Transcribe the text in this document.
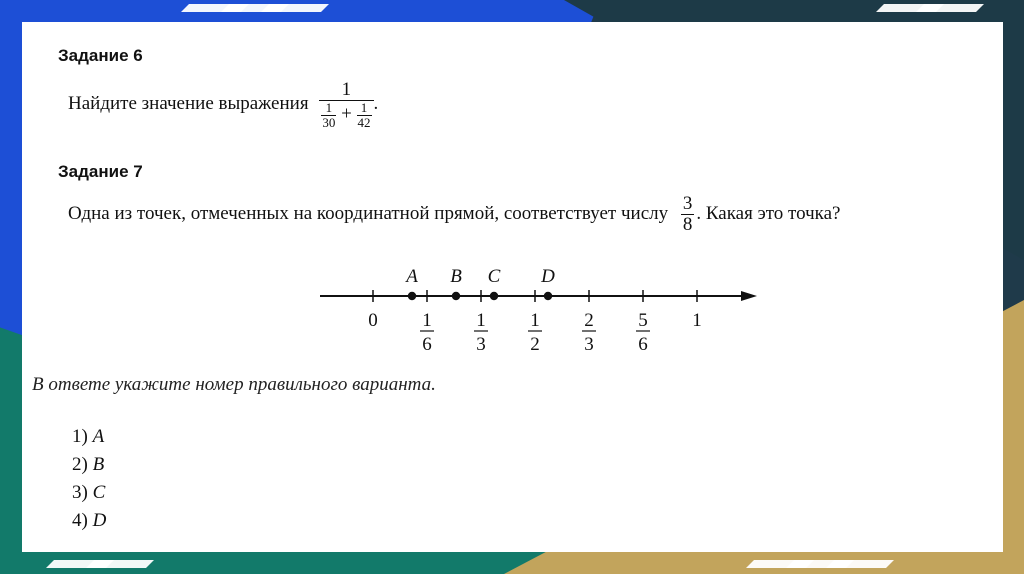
Задание 6
Найдите значение выражения
1
$\frac{1}{30} + \frac{1}{42}$ .
Задание 7
Одна из точек, отмеченных на координатной прямой, соответствует числу $\frac{3}{8}$ . Какая это точка?
0 1
6
1
3
1
2
2
3
5
6
1
A B C D
В ответе укажите номер правильного варианта.
1) A
2) B
3) C
4) D
